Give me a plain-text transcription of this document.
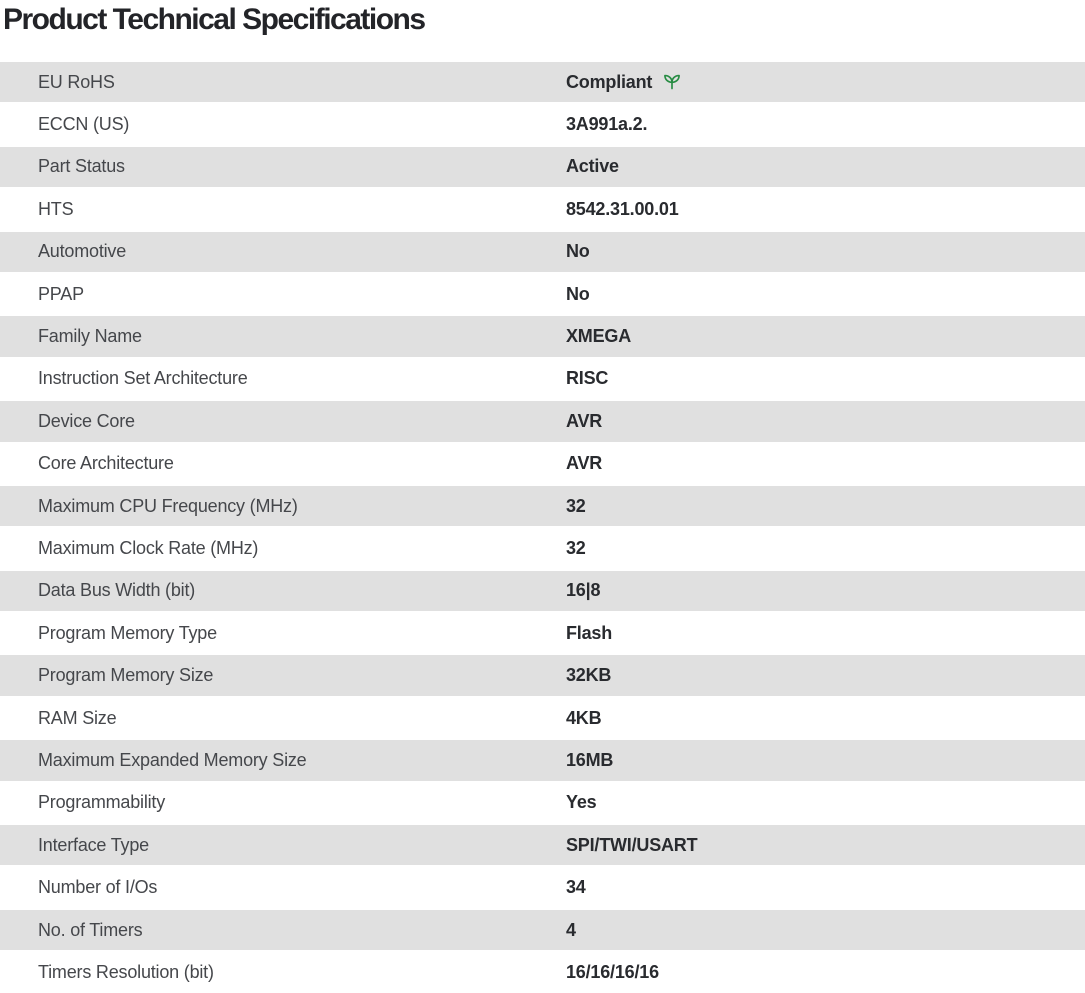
Product Technical Specifications
EU RoHS	Compliant
ECCN (US)	3A991a.2.
Part Status	Active
HTS	8542.31.00.01
Automotive	No
PPAP	No
Family Name	XMEGA
Instruction Set Architecture	RISC
Device Core	AVR
Core Architecture	AVR
Maximum CPU Frequency (MHz)	32
Maximum Clock Rate (MHz)	32
Data Bus Width (bit)	16|8
Program Memory Type	Flash
Program Memory Size	32KB
RAM Size	4KB
Maximum Expanded Memory Size	16MB
Programmability	Yes
Interface Type	SPI/TWI/USART
Number of I/Os	34
No. of Timers	4
Timers Resolution (bit)	16/16/16/16
